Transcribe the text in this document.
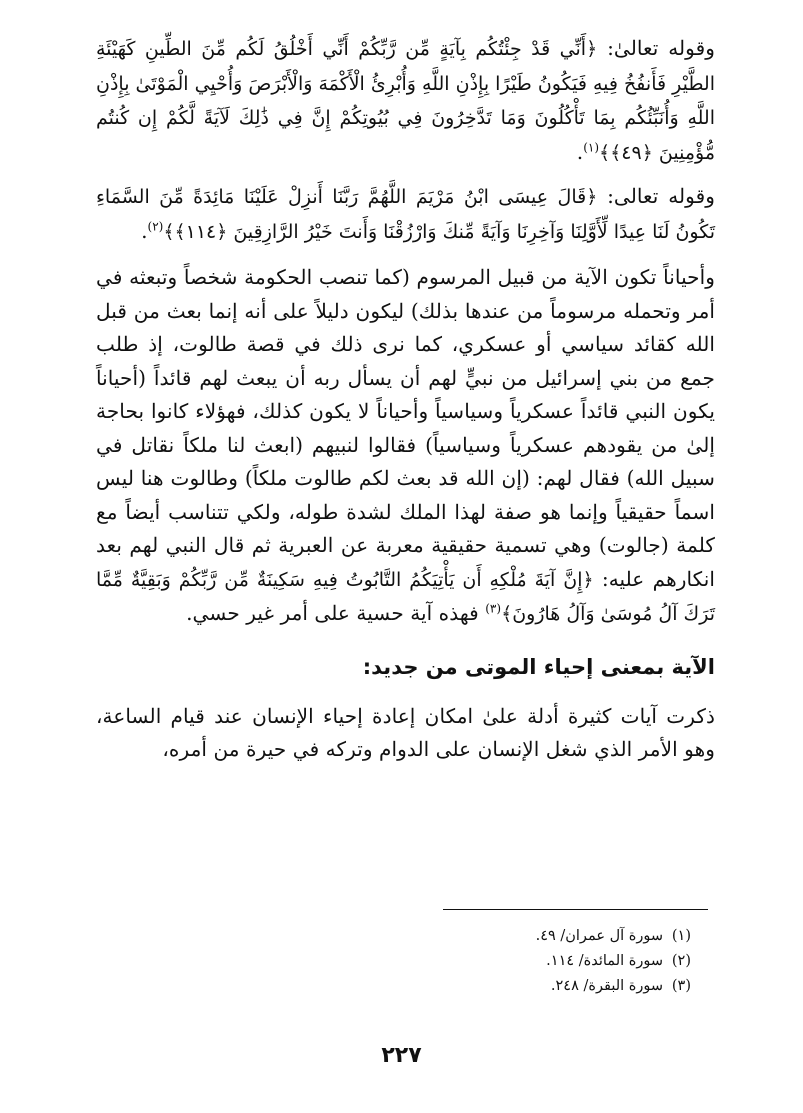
وقوله تعالىٰ: ﴿أَنِّي قَدْ جِئْتُكُم بِآيَةٍ مِّن رَّبِّكُمْ أَنِّي أَخْلُقُ لَكُم مِّنَ الطِّينِ كَهَيْئَةِ الطَّيْرِ فَأَنفُخُ فِيهِ فَيَكُونُ طَيْرًا بِإِذْنِ اللَّهِ وَأُبْرِئُ الْأَكْمَهَ وَالْأَبْرَصَ وَأُحْيِي الْمَوْتَىٰ بِإِذْنِ اللَّهِ وَأُنَبِّئُكُم بِمَا تَأْكُلُونَ وَمَا تَدَّخِرُونَ فِي بُيُوتِكُمْ إِنَّ فِي ذَٰلِكَ لَآيَةً لَّكُمْ إِن كُنتُم مُّؤْمِنِينَ ﴿٤٩﴾﴾$^{(١)}$.

وقوله تعالى: ﴿قَالَ عِيسَى ابْنُ مَرْيَمَ اللَّهُمَّ رَبَّنَا أَنزِلْ عَلَيْنَا مَائِدَةً مِّنَ السَّمَاءِ تَكُونُ لَنَا عِيدًا لِّأَوَّلِنَا وَآخِرِنَا وَآيَةً مِّنكَ وَارْزُقْنَا وَأَنتَ خَيْرُ الرَّازِقِينَ ﴿١١٤﴾﴾$^{(٢)}$.

وأحياناً تكون الآية من قبيل المرسوم (كما تنصب الحكومة شخصاً وتبعثه في أمر وتحمله مرسوماً من عندها بذلك) ليكون دليلاً على أنه إنما بعث من قبل الله كقائد سياسي أو عسكري، كما نرى ذلك في قصة طالوت، إذ طلب جمع من بني إسرائيل من نبيٍّ لهم أن يسأل ربه أن يبعث لهم قائداً (أحياناً يكون النبي قائداً عسكرياً وسياسياً وأحياناً لا يكون كذلك، فهؤلاء كانوا بحاجة إلىٰ من يقودهم عسكرياً وسياسياً) فقالوا لنبيهم (ابعث لنا ملكاً نقاتل في سبيل الله) فقال لهم: (إن الله قد بعث لكم طالوت ملكاً) وطالوت هنا ليس اسماً حقيقياً وإنما هو صفة لهذا الملك لشدة طوله، ولكي تتناسب أيضاً مع كلمة (جالوت) وهي تسمية حقيقية معربة عن العبرية ثم قال النبي لهم بعد انكارهم عليه: ﴿إِنَّ آيَةَ مُلْكِهِ أَن يَأْتِيَكُمُ التَّابُوتُ فِيهِ سَكِينَةٌ مِّن رَّبِّكُمْ وَبَقِيَّةٌ مِّمَّا تَرَكَ آلُ مُوسَىٰ وَآلُ هَارُونَ﴾$^{(٣)}$ فهذه آية حسية على أمر غير حسي.

الآية بمعنى إحياء الموتى من جديد:

ذكرت آيات كثيرة أدلة علىٰ امكان إعادة إحياء الإنسان عند قيام الساعة، وهو الأمر الذي شغل الإنسان على الدوام وتركه في حيرة من أمره،

(١)سورة آل عمران/ ٤٩.
(٢)سورة المائدة/ ١١٤.
(٣)سورة البقرة/ ٢٤٨.
٢٢٧
